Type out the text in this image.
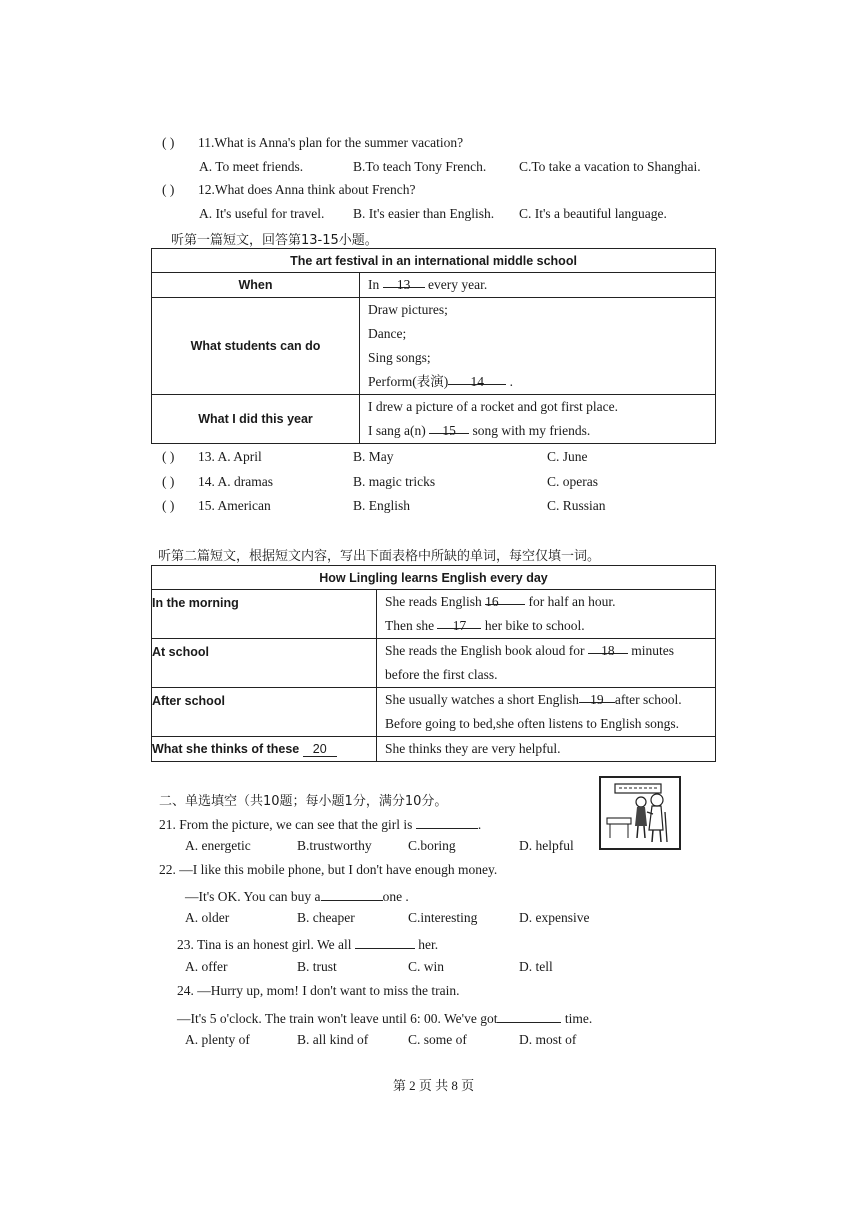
( ) 11.What is Anna's plan for the summer vacation?
A. To meet friends.	B.To teach Tony French. C.To take a vacation to Shanghai.
( ) 12.What does Anna think about French?
A. It's useful for travel. B. It's easier than English. C. It's a beautiful language.
听第一篇短文，回答第13-15小题。
The art festival in an international middle school	
When	In 13 every year.

What students can do	Draw pictures;
Dance;
Sing songs;
Perform(表演) 14 .

What I did this year	I drew a picture of a rocket and got first place.
I sang a(n) 15 song with my friends.
( ) 13. A. April	B. May	C. June
( ) 14. A. dramas	B. magic tricks	C. operas
( ) 15. American	B. English	C. Russian
听第二篇短文，根据短文内容，写出下面表格中所缺的单词，每空仅填一词。
How Lingling learns English every day	
In the morning	She reads English 16 for half an hour.
Then she 17 her bike to school.

At school	She reads the English book aloud for 18 minutes
before the first class.

After school	She usually watches a short English 19 after school.
Before going to bed,she often listens to English songs.

What she thinks of these 20	She thinks they are very helpful.
二、单选填空（共10题；每小题1分，满分10分。
21. From the picture, we can see that the girl is	.
A. energetic	B.trustworthy	C.boring	D. helpful
22. —I like this mobile phone, but I don't have enough money.
—It's OK. You can buy a	one .
A. older	B. cheaper	C.interesting	D. expensive
23. Tina is an honest girl. We all	her.
A. offer	B. trust	C. win	D. tell
24. —Hurry up, mom! I don't want to miss the train.
—It's 5 o'clock. The train won't leave until 6: 00. We've got	time.
A. plenty of	B. all kind of	C. some of	D. most of
第 2 页 共 8 页
